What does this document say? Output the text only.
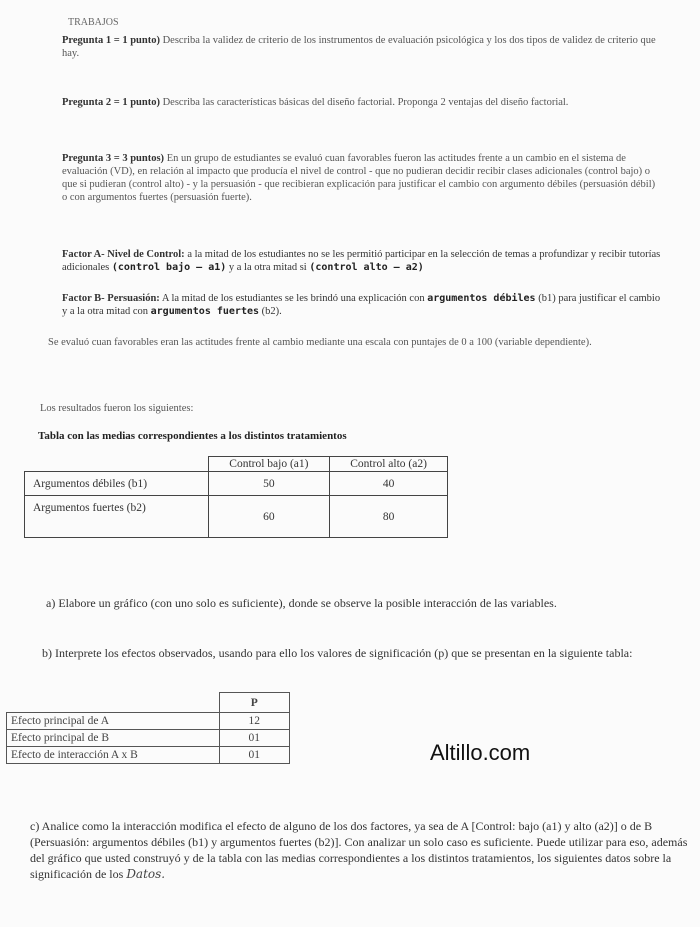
TRABAJOS
Pregunta 1 = 1 punto) Describa la validez de criterio de los instrumentos de evaluación psicológica y los dos tipos de validez de criterio que hay.
Pregunta 2 = 1 punto) Describa las características básicas del diseño factorial. Proponga 2 ventajas del diseño factorial.
Pregunta 3 = 3 puntos) En un grupo de estudiantes se evaluó cuan favorables fueron las actitudes frente a un cambio en el sistema de evaluación (VD), en relación al impacto que producía el nivel de control - que no pudieran decidir recibir clases adicionales (control bajo) o que si pudieran (control alto) - y la persuasión - que recibieran explicación para justificar el cambio con argumento débiles (persuasión débil) o con argumentos fuertes (persuasión fuerte).
Factor A- Nivel de Control: a la mitad de los estudiantes no se les permitió participar en la selección de temas a profundizar y recibir tutorías adicionales (control bajo – a1) y a la otra mitad si (control alto – a2)
Factor B- Persuasión: A la mitad de los estudiantes se les brindó una explicación con argumentos débiles (b1) para justificar el cambio y a la otra mitad con argumentos fuertes (b2).
Se evaluó cuan favorables eran las actitudes frente al cambio mediante una escala con puntajes de 0 a 100 (variable dependiente).
Los resultados fueron los siguientes:
Tabla con las medias correspondientes a los distintos tratamientos
	Control bajo (a1)	Control alto (a2)
Argumentos débiles (b1)	50	40
Argumentos fuertes (b2)	60	80
a) Elabore un gráfico (con uno solo es suficiente), donde se observe la posible interacción de las variables.
b) Interprete los efectos observados, usando para ello los valores de significación (p) que se presentan en la siguiente tabla:
	P
Efecto principal de A	12
Efecto principal de B	01
Efecto de interacción A x B	01	Altillo.com
c) Analice como la interacción modifica el efecto de alguno de los dos factores, ya sea de A [Control: bajo (a1) y alto (a2)] o de B (Persuasión: argumentos débiles (b1) y argumentos fuertes (b2)]. Con analizar un solo caso es suficiente. Puede utilizar para eso, además del gráfico que usted construyó y de la tabla con las medias correspondientes a los distintos tratamientos, los siguientes datos sobre la significación de los Datos.
